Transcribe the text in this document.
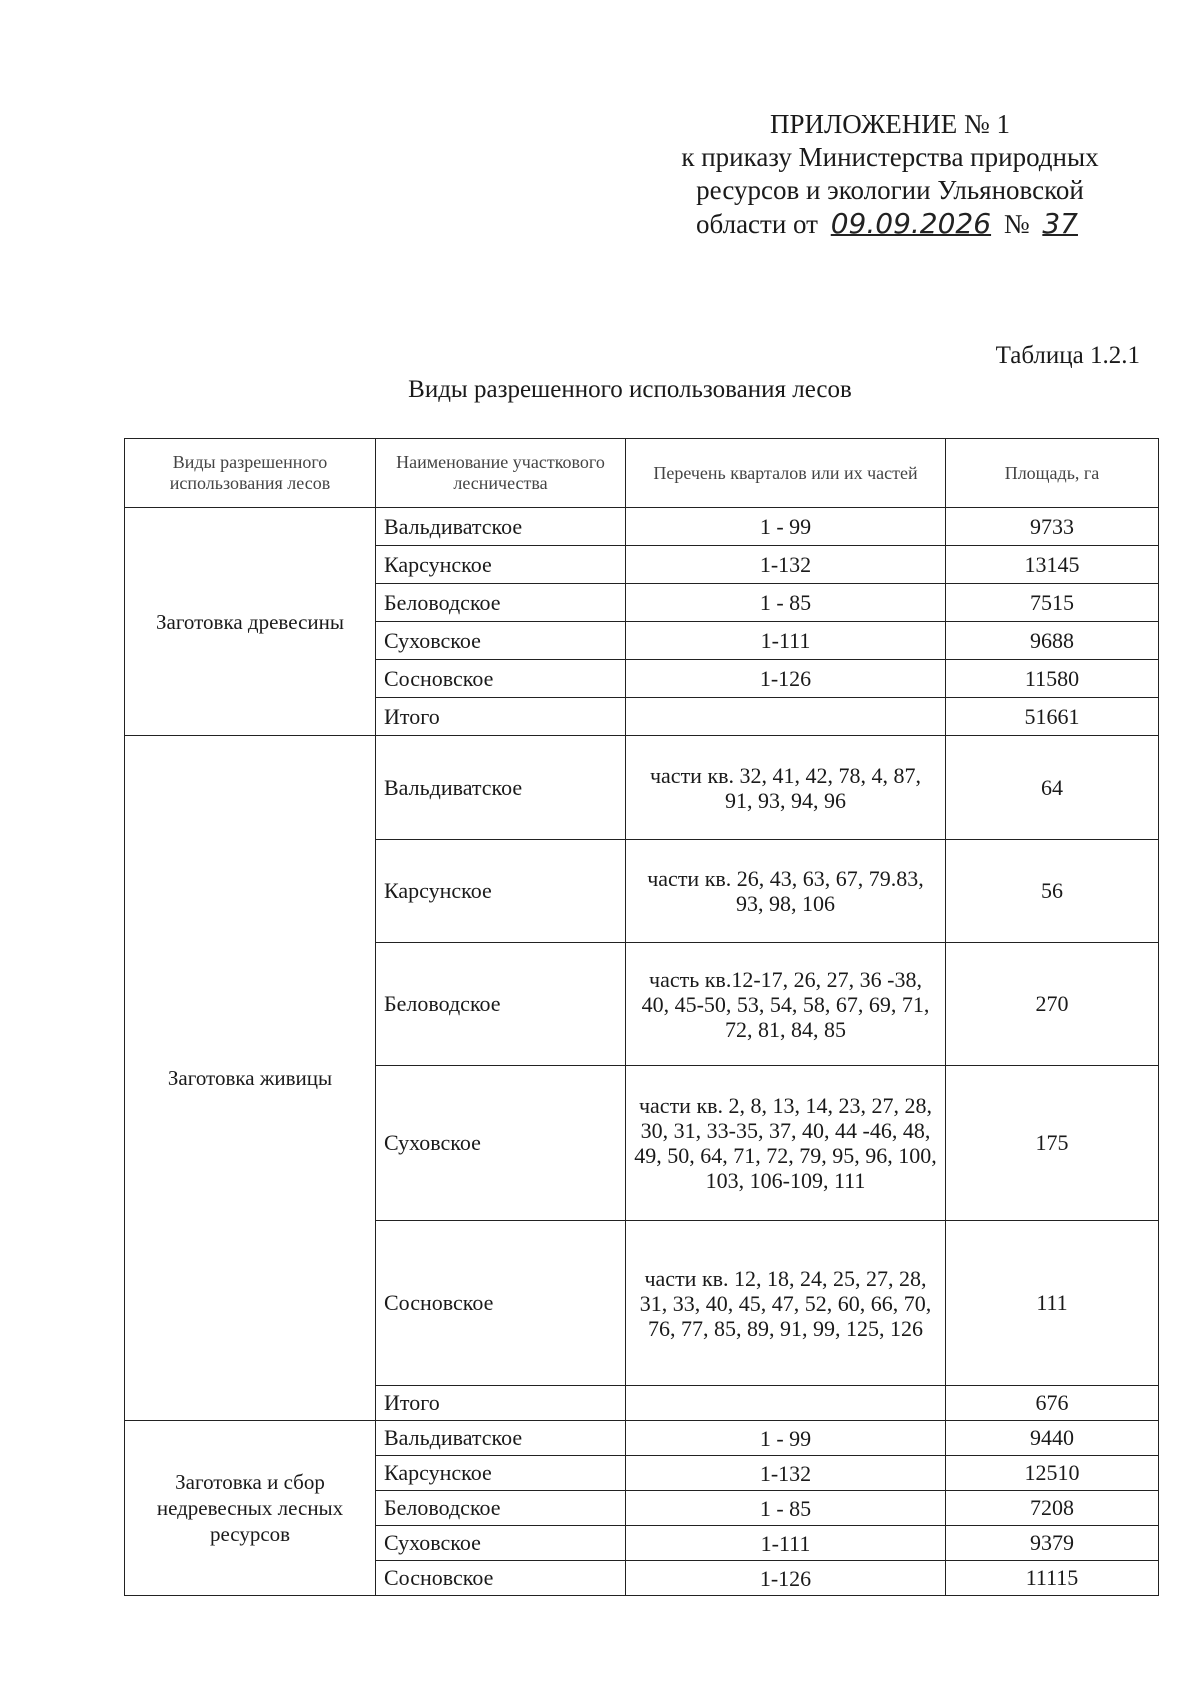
ПРИЛОЖЕНИЕ № 1
к приказу Министерства природных
ресурсов и экологии Ульяновской
области от 09.09.2026 № 37
Таблица 1.2.1
Виды разрешенного использования лесов
Виды разрешенного использования лесов	Наименование участкового лесничества	Перечень кварталов или их частей	Площадь, га
Заготовка древесины	Вальдиватское	1 - 99	9733
	Карсунское	1-132	13145
	Беловодское	1 - 85	7515
	Суховское	1-111	9688
	Сосновское	1-126	11580
	Итого		51661
Заготовка живицы	Вальдиватское	части кв. 32, 41, 42, 78, 4, 87, 91, 93, 94, 96	64
	Карсунское	части кв. 26, 43, 63, 67, 79.83, 93, 98, 106	56
	Беловодское	часть кв.12-17, 26, 27, 36 -38, 40, 45-50, 53, 54, 58, 67, 69, 71, 72, 81, 84, 85	270
	Суховское	части кв. 2, 8, 13, 14, 23, 27, 28, 30, 31, 33-35, 37, 40, 44 -46, 48, 49, 50, 64, 71, 72, 79, 95, 96, 100, 103, 106-109, 111	175
	Сосновское	части кв. 12, 18, 24, 25, 27, 28, 31, 33, 40, 45, 47, 52, 60, 66, 70, 76, 77, 85, 89, 91, 99, 125, 126	111
	Итого		676
Заготовка и сбор недревесных лесных ресурсов	Вальдиватское	1 - 99	9440
	Карсунское	1-132	12510
	Беловодское	1 - 85	7208
	Суховское	1-111	9379
	Сосновское	1-126	11115
